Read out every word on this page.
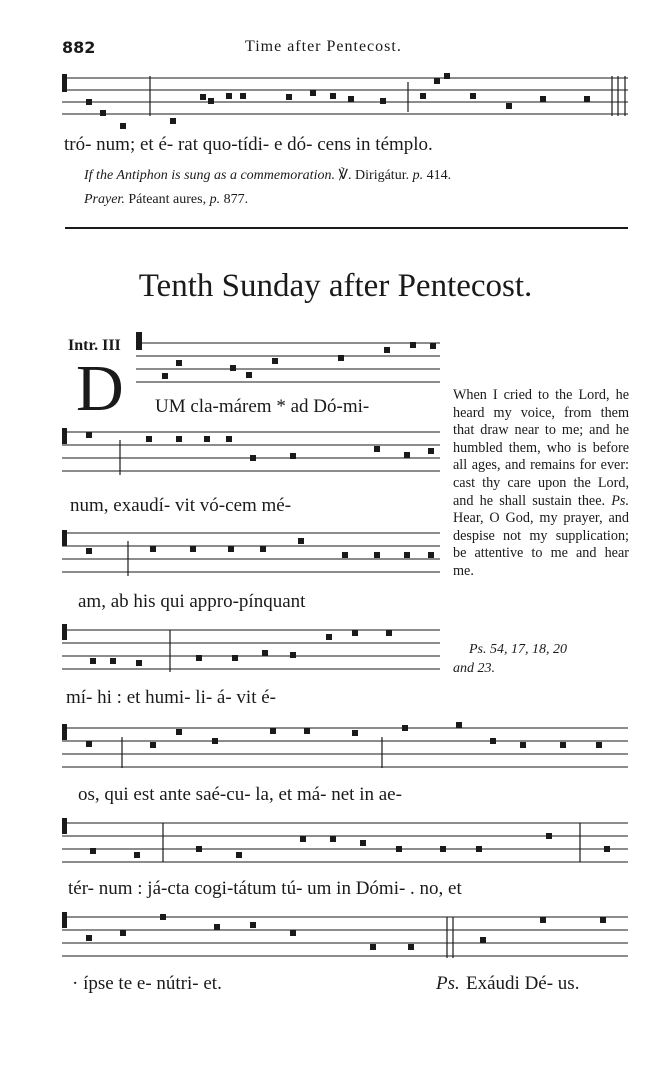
882	Time after Pentecost.
tró- num; et é- rat quo-tídi- e dó- cens in témplo.
If the Antiphon is sung as a commemoration. ℣. Dirigátur. p. 414.
Prayer. Páteant aures, p. 877.
Tenth Sunday after Pentecost.
Intr. III
D UM cla-márem * ad Dó-mi-
num, exaudí- vit vó-cem mé-
am, ab his qui appro-pínquant
mí- hi : et humi- li- á- vit é-
os, qui est ante saé-cu- la, et má- net in ae-
tér- num : já-cta cogi-tátum tú- um in Dómi- . no, et
· ípse te e- nútri- et.	Ps. Exáudi Dé- us.
When I cried to the Lord, he heard my voice, from them that draw near to me; and he humbled them, who is before all ages, and remains for ever: cast thy care upon the Lord, and he shall sustain thee. Ps. Hear, O God, my prayer, and despise not my supplication; be attentive to me and hear me.
Ps. 54, 17, 18, 20
and 23.
